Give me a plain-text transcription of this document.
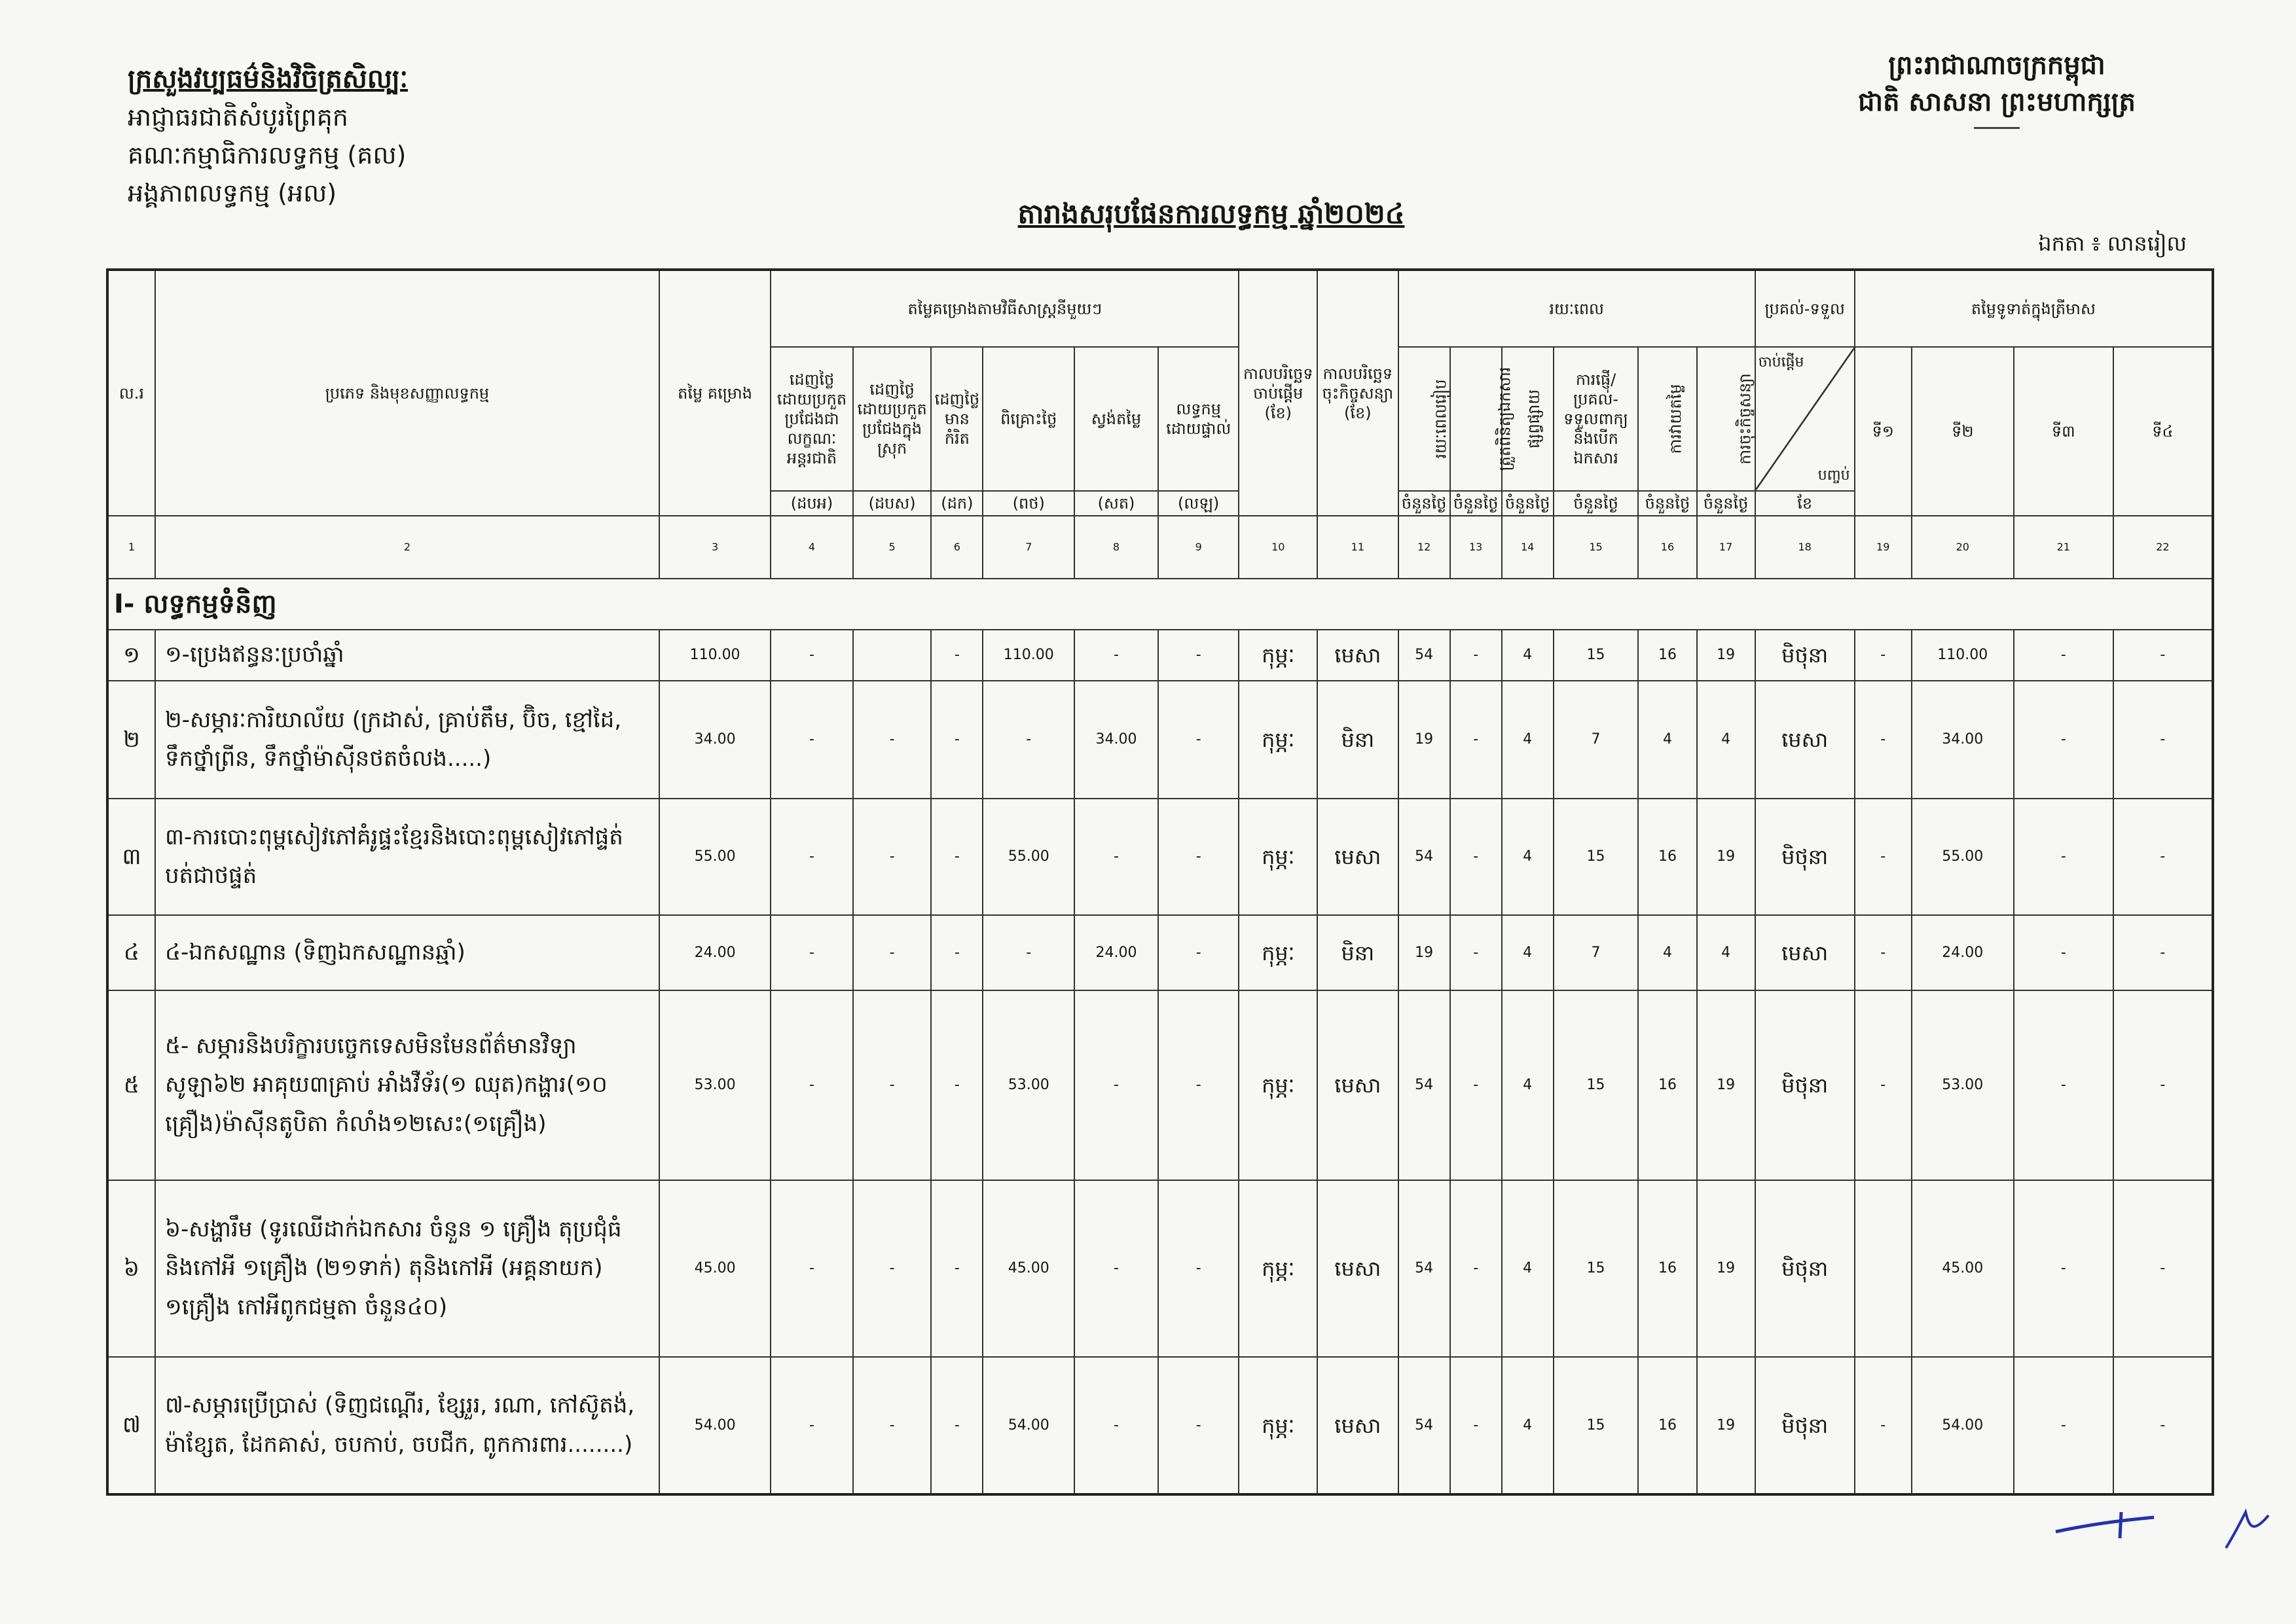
ក្រសួងវប្បធម៌និងវិចិត្រសិល្បៈ
អាជ្ញាធរជាតិសំបូរព្រៃគុក
គណៈកម្មាធិការលទ្ធកម្ម (គល)
អង្គភាពលទ្ធកម្ម (អល)
ព្រះរាជាណាចក្រកម្ពុជា
ជាតិ សាសនា ព្រះមហាក្សត្រ
តារាងសរុបផែនការលទ្ធកម្ម ឆ្នាំ២០២៤
ឯកតា ៖ លានរៀល
ល.រ	ប្រភេទ និងមុខសញ្ញាលទ្ធកម្ម	តម្លៃ គម្រោង	តម្លៃគម្រោងតាមវិធីសាស្ត្រនីមួយៗ						កាលបរិច្ឆេទចាប់ផ្តើម (ខែ)	កាលបរិច្ឆេទចុះកិច្ចសន្យា (ខែ)	រយៈពេល						ប្រគល់-ទទួល	តម្លៃទូទាត់ក្នុងត្រីមាស			
			ដេញថ្លៃដោយប្រកួតប្រជែងជាលក្ខណៈអន្តរជាតិ	ដេញថ្លៃដោយប្រកួតប្រជែងក្នុងស្រុក	ដេញថ្លៃមានកំរិត	ពិគ្រោះថ្លៃ	ស្វង់តម្លៃ	លទ្ធកម្មដោយផ្ទាល់			រយៈពេលរៀប	ត្រួតពិនិត្យឯកសារ	ផ្សព្វផ្សាយ	ការផ្ញើ/ប្រគល់-ទទួលពាក្យនិងបើកឯកសារ	ការវាយតម្លៃ	ការចុះកិច្ចសន្យា	ចាប់ផ្តើម
បញ្ចប់	ទី១	ទី២	ទី៣	ទី៤
			(ដបអ)	(ដបស)	(ដក)	(ពថ)	(សត)	(លឡ)			ចំនួនថ្ងៃ	ចំនួនថ្ងៃ	ចំនួនថ្ងៃ	ចំនួនថ្ងៃ	ចំនួនថ្ងៃ	ចំនួនថ្ងៃ	ខែ				
1	2	3	4	5	6	7	8	9	10	11	12	13	14	15	16	17	18	19	20	21	22
I- លទ្ធកម្មទំនិញ																					
១	១-ប្រេងឥន្ធនៈប្រចាំឆ្នាំ	110.00	-		-	110.00	-	-	កុម្ភៈ	មេសា	54	-	4	15	16	19	មិថុនា	-	110.00	-	-
២	២-សម្ភារៈការិយាល័យ (ក្រដាស់, គ្រាប់តឹម, ប៊ិច, ខ្មៅដៃ, ទឹកថ្នាំព្រីន, ទឹកថ្នាំម៉ាស៊ីនថតចំលង.....)	34.00	-	-	-	-	34.00	-	កុម្ភៈ	មិនា	19	-	4	7	4	4	មេសា	-	34.00	-	-
៣	៣-ការបោះពុម្ពសៀវភៅគំរូផ្ទះខ្មែរនិងបោះពុម្ពសៀវភៅផ្ទត់ បត់ជាថផ្ទត់	55.00	-	-	-	55.00	-	-	កុម្ភៈ	មេសា	54	-	4	15	16	19	មិថុនា	-	55.00	-	-
៤	៤-ឯកសណ្ឋាន (ទិញឯកសណ្ឋានឆ្មាំ)	24.00	-	-	-	-	24.00	-	កុម្ភៈ	មិនា	19	-	4	7	4	4	មេសា	-	24.00	-	-
៥	៥- សម្ភារនិងបរិក្ខារបច្ចេកទេសមិនមែនព័ត៌មានវិទ្យា សូឡា៦២ អាគុយ៣គ្រាប់ អាំងវឺទ័រ(១ ឈុត)កង្ហារ(១០ គ្រឿង)ម៉ាស៊ីនតូបិតា កំលាំង១២សេះ(១គ្រឿង)	53.00	-	-	-	53.00	-	-	កុម្ភៈ	មេសា	54	-	4	15	16	19	មិថុនា	-	53.00	-	-
៦	៦-សង្ហារឹម (ទូរឈើដាក់ឯកសារ ចំនួន ១ គ្រឿង តុប្រជុំធំនិងកៅអី ១គ្រឿង (២១ទាក់) តុនិងកៅអី (អគ្គនាយក) ១គ្រឿង កៅអីពូកជម្មតា ចំនួន៤០)	45.00	-	-	-	45.00	-	-	កុម្ភៈ	មេសា	54	-	4	15	16	19	មិថុនា		45.00	-	-
៧	៧-សម្ភារប្រើប្រាស់ (ទិញជណ្តើរ, ខ្សែរួរ, រណា, កៅស៊ូតង់, ម៉ាខ្សែត, ដែកគាស់, ចបកាប់, ចបជីក, ពូកការពារ........)	54.00	-	-	-	54.00	-	-	កុម្ភៈ	មេសា	54	-	4	15	16	19	មិថុនា	-	54.00	-	-
